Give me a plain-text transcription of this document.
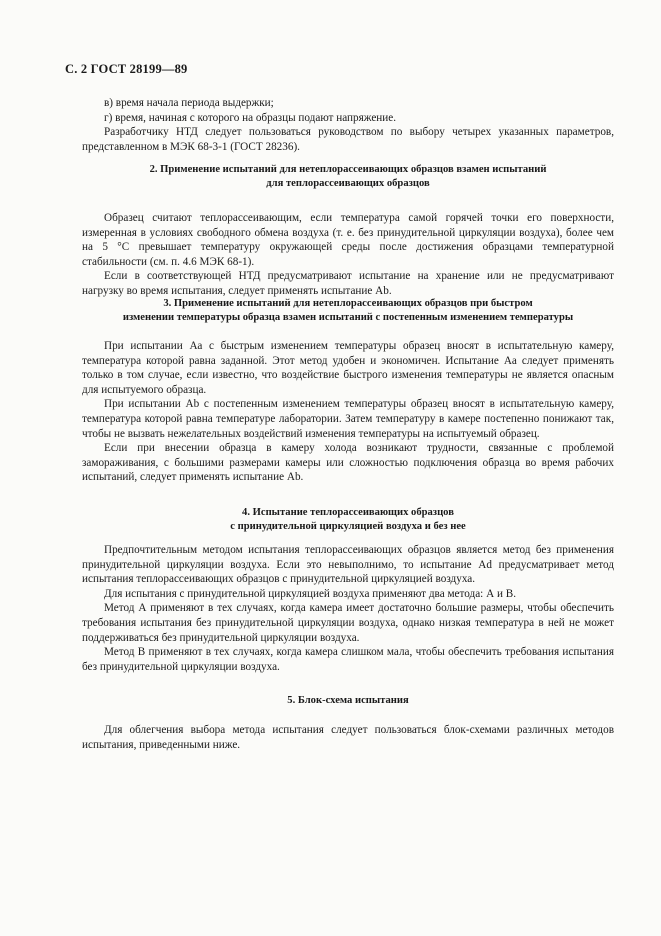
С. 2 ГОСТ 28199—89

в) время начала периода выдержки;

г) время, начиная с которого на образцы подают напряжение.

Разработчику НТД следует пользоваться руководством по выбору четырех указанных параметров, представленном в МЭК 68-3-1 (ГОСТ 28236).

2. Применение испытаний для нетеплорассеивающих образцов взамен испытаний
для теплорассеивающих образцов

Образец считают теплорассеивающим, если температура самой горячей точки его поверхности, измеренная в условиях свободного обмена воздуха (т. е. без принудительной циркуляции воздуха), более чем на 5 °С превышает температуру окружающей среды после достижения образцами температурной стабильности (см. п. 4.6 МЭК 68-1).

Если в соответствующей НТД предусматривают испытание на хранение или не предусматривают нагрузку во время испытания, следует применять испытание Ab.

3. Применение испытаний для нетеплорассеивающих образцов при быстром
изменении температуры образца взамен испытаний с постепенным изменением температуры

При испытании Аа с быстрым изменением температуры образец вносят в испытательную камеру, температура которой равна заданной. Этот метод удобен и экономичен. Испытание Аа следует применять только в том случае, если известно, что воздействие быстрого изменения температуры не является опасным для испытуемого образца.

При испытании Ab с постепенным изменением температуры образец вносят в испытательную камеру, температура которой равна температуре лаборатории. Затем температуру в камере постепенно понижают так, чтобы не вызвать нежелательных воздействий изменения температуры на испытуемый образец.

Если при внесении образца в камеру холода возникают трудности, связанные с проблемой замораживания, с большими размерами камеры или сложностью подключения образца во время рабочих испытаний, следует применять испытание Ab.

4. Испытание теплорассеивающих образцов
с принудительной циркуляцией воздуха и без нее

Предпочтительным методом испытания теплорассеивающих образцов является метод без применения принудительной циркуляции воздуха. Если это невыполнимо, то испытание Ad предусматривает метод испытания теплорассеивающих образцов с принудительной циркуляцией воздуха.

Для испытания с принудительной циркуляцией воздуха применяют два метода: А и В.

Метод А применяют в тех случаях, когда камера имеет достаточно большие размеры, чтобы обеспечить требования испытания без принудительной циркуляции воздуха, однако низкая температура в ней не может поддерживаться без принудительной циркуляции воздуха.

Метод В применяют в тех случаях, когда камера слишком мала, чтобы обеспечить требования испытания без принудительной циркуляции воздуха.

5. Блок-схема испытания

Для облегчения выбора метода испытания следует пользоваться блок-схемами различных методов испытания, приведенными ниже.
